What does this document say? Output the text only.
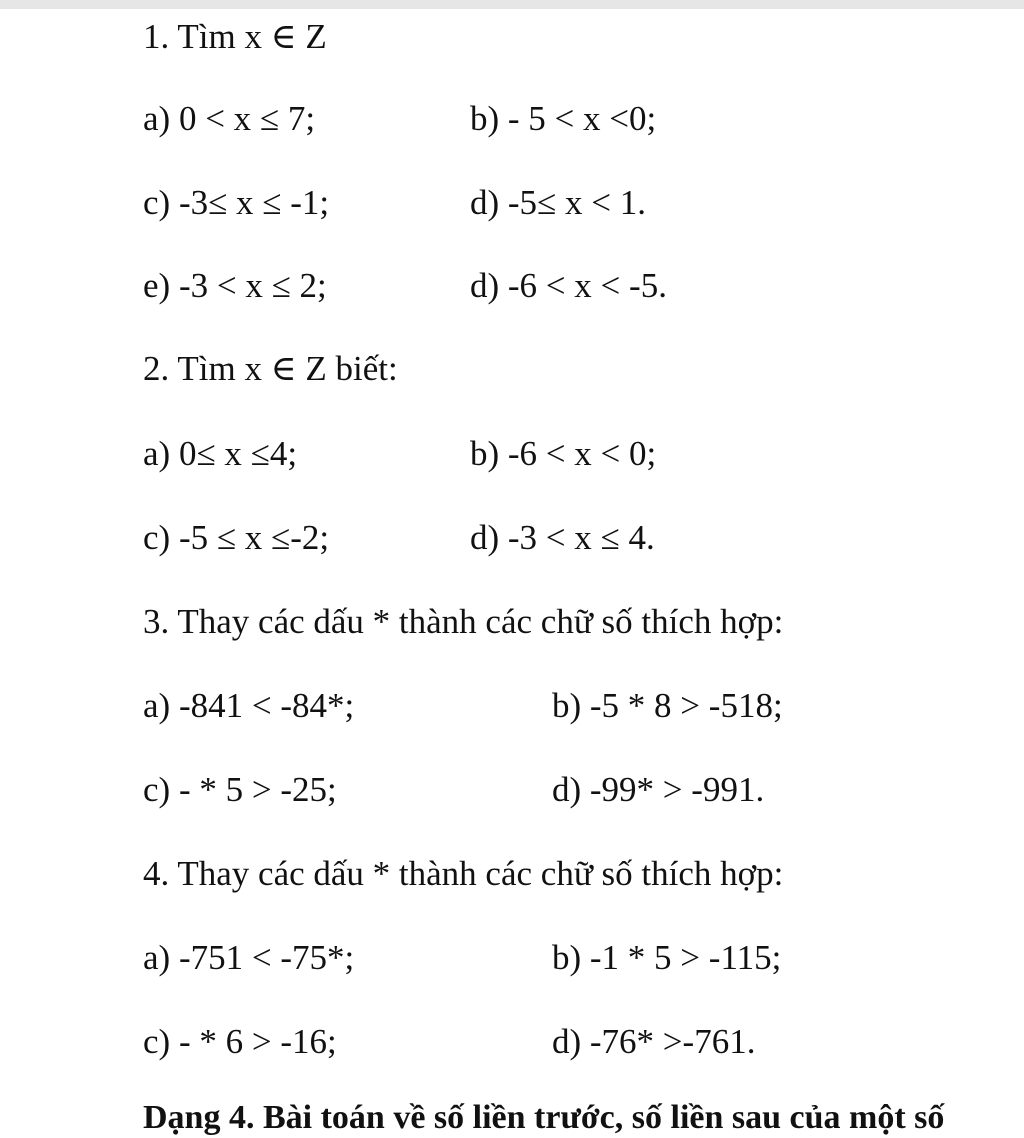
1. Tìm x ∈ Z
a) 0 < x ≤ 7;	b) - 5 < x <0;
c) -3≤ x ≤ -1;	d) -5≤ x < 1.
e) -3 < x ≤ 2;	d) -6 < x < -5.
2. Tìm x ∈ Z biết:
a) 0≤ x ≤4;	b) -6 < x < 0;
c) -5 ≤ x ≤-2;	d) -3 < x ≤ 4.
3. Thay các dấu * thành các chữ số thích hợp:
a) -841 < -84*;	b) -5 * 8 > -518;
c) - * 5 > -25;	d) -99* > -991.
4. Thay các dấu * thành các chữ số thích hợp:
a) -751 < -75*;	b) -1 * 5 > -115;
c) - * 6 > -16;	d) -76* >-761.
Dạng 4. Bài toán về số liền trước, số liền sau của một số
